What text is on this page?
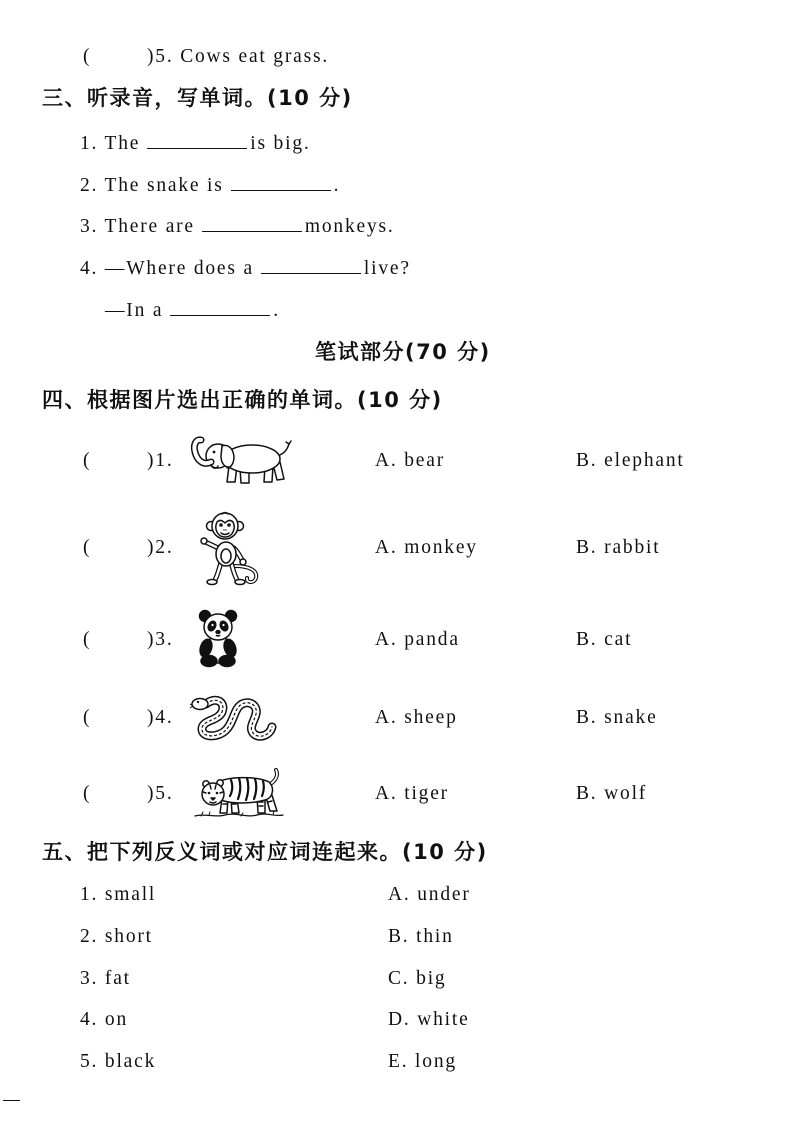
(	)5. Cows eat grass.
三、听录音，写单词。(10 分)
1. The	is big.
2. The snake is	.
3. There are	monkeys.
4. —Where does a	live?
—In a	.
笔试部分(70 分)
四、根据图片选出正确的单词。(10 分)
(	)1.	A. bear	B. elephant
(	)2.	A. monkey	B. rabbit
(	)3.	A. panda	B. cat
(	)4.	A. sheep	B. snake
(	)5.	A. tiger	B. wolf
五、把下列反义词或对应词连起来。(10 分)
1. small	A. under
2. short	B. thin
3. fat	C. big
4. on	D. white
5. black	E. long
